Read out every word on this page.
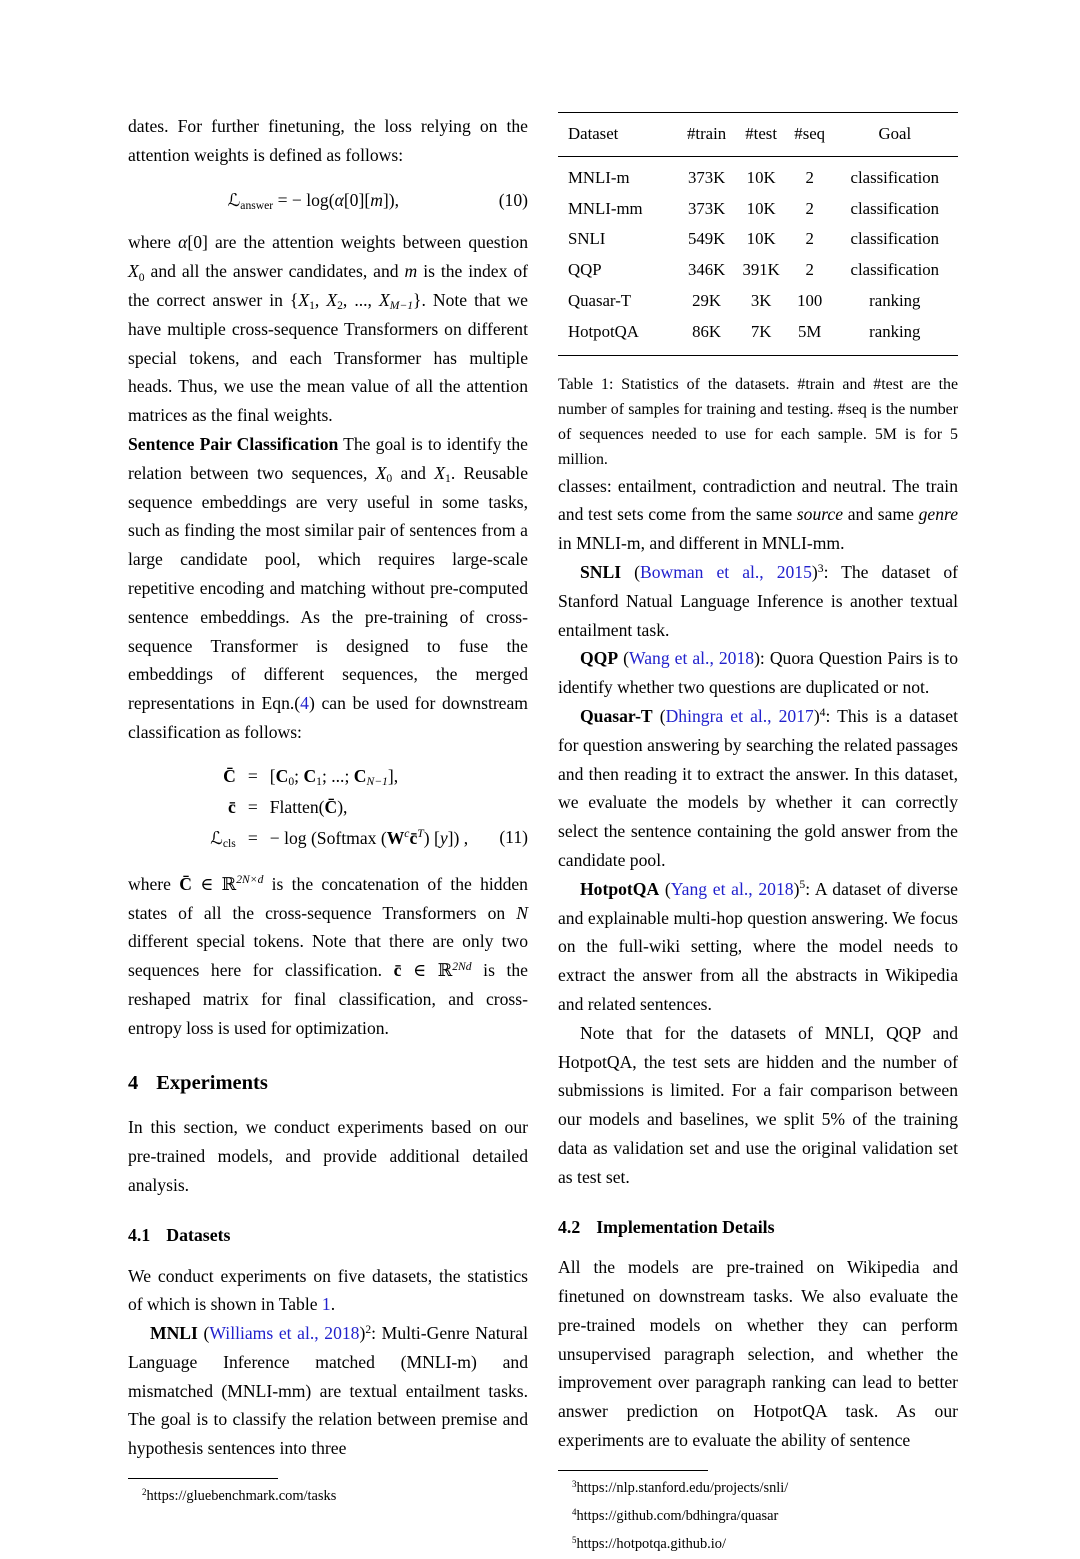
dates. For further finetuning, the loss relying on the attention weights is defined as follows:

ℒanswer = − log(α[0][m]),	(10)

where α[0] are the attention weights between question X0 and all the answer candidates, and m is the index of the correct answer in {X1, X2, ..., XM−1}. Note that we have multiple cross-sequence Transformers on different special tokens, and each Transformer has multiple heads. Thus, we use the mean value of all the attention matrices as the final weights.

Sentence Pair Classification The goal is to identify the relation between two sequences, X0 and X1. Reusable sequence embeddings are very useful in some tasks, such as finding the most similar pair of sentences from a large candidate pool, which requires large-scale repetitive encoding and matching without pre-computed sentence embeddings. As the pre-training of cross-sequence Transformer is designed to fuse the embeddings of different sequences, the merged representations in Eqn.(4) can be used for downstream classification as follows:

C̄ = [C0; C1; ...; CN−1],
c̄ = Flatten(C̄),
ℒcls = − log (Softmax $(W^cc̄^T)$ [y]) , (11)

where C̄ ∈ ℝ$^{2N\times d}$ is the concatenation of the hidden states of all the cross-sequence Transformers on N different special tokens. Note that there are only two sequences here for classification. c̄ ∈ ℝ$^{2Nd}$ is the reshaped matrix for final classification, and cross-entropy loss is used for optimization.

4 Experiments

In this section, we conduct experiments based on our pre-trained models, and provide additional detailed analysis.

4.1 Datasets

We conduct experiments on five datasets, the statistics of which is shown in Table 1.

MNLI (Williams et al., 2018)$^2$: Multi-Genre Natural Language Inference matched (MNLI-m) and mismatched (MNLI-mm) are textual entailment tasks. The goal is to classify the relation between premise and hypothesis sentences into three

$^2$https://gluebenchmark.com/tasks
Dataset	#train	#test	#seq	Goal
MNLI-m	373K	10K	2	classification
MNLI-mm	373K	10K	2	classification
SNLI	549K	10K	2	classification
QQP	346K	391K	2	classification
Quasar-T	29K	3K	100	ranking
HotpotQA	86K	7K	5M	ranking
Table 1: Statistics of the datasets. #train and #test are the number of samples for training and testing. #seq is the number of sequences needed to use for each sample. 5M is for 5 million.

classes: entailment, contradiction and neutral. The train and test sets come from the same source and same genre in MNLI-m, and different in MNLI-mm.

SNLI (Bowman et al., 2015)$^3$: The dataset of Stanford Natual Language Inference is another textual entailment task.

QQP (Wang et al., 2018): Quora Question Pairs is to identify whether two questions are duplicated or not.

Quasar-T (Dhingra et al., 2017)$^4$: This is a dataset for question answering by searching the related passages and then reading it to extract the answer. In this dataset, we evaluate the models by whether it can correctly select the sentence containing the gold answer from the candidate pool.

HotpotQA (Yang et al., 2018)$^5$: A dataset of diverse and explainable multi-hop question answering. We focus on the full-wiki setting, where the model needs to extract the answer from all the abstracts in Wikipedia and related sentences.

Note that for the datasets of MNLI, QQP and HotpotQA, the test sets are hidden and the number of submissions is limited. For a fair comparison between our models and baselines, we split 5% of the training data as validation set and use the original validation set as test set.

4.2 Implementation Details

All the models are pre-trained on Wikipedia and finetuned on downstream tasks. We also evaluate the pre-trained models on whether they can perform unsupervised paragraph selection, and whether the improvement over paragraph ranking can lead to better answer prediction on HotpotQA task. As our experiments are to evaluate the ability of sentence

$^3$https://nlp.stanford.edu/projects/snli/
$^4$https://github.com/bdhingra/quasar
$^5$https://hotpotqa.github.io/
